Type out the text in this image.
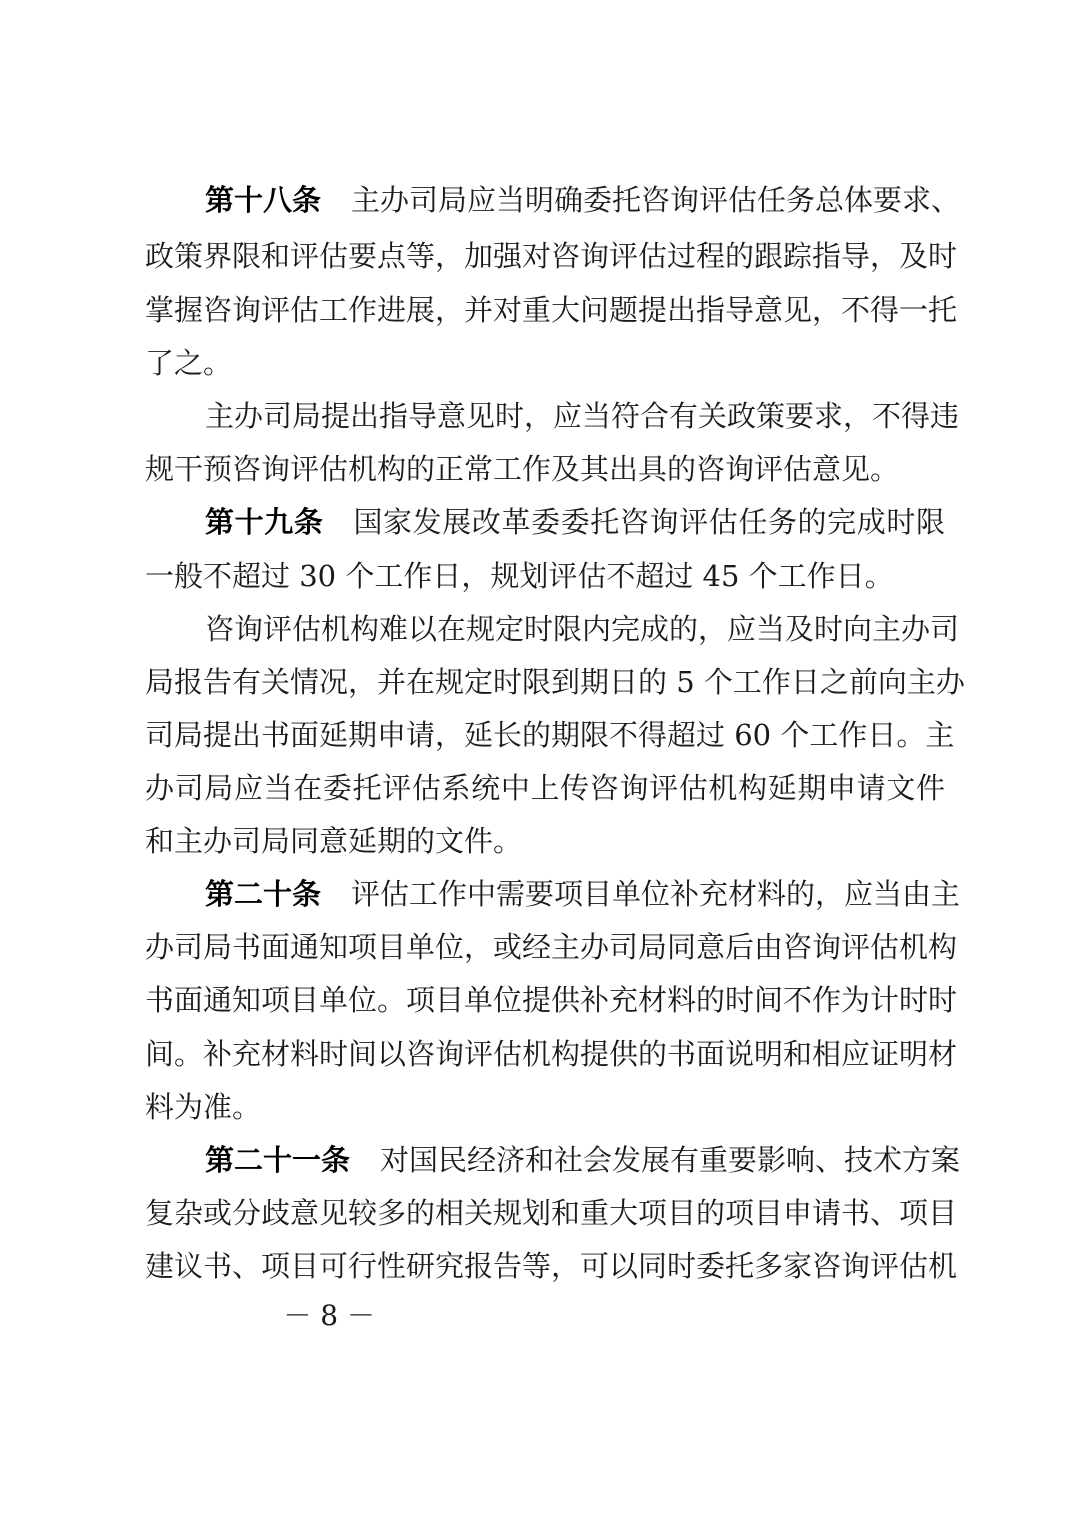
第十八条 主办司局应当明确委托咨询评估任务总体要求、
政策界限和评估要点等，加强对咨询评估过程的跟踪指导，及时
掌握咨询评估工作进展，并对重大问题提出指导意见，不得一托
了之。
主办司局提出指导意见时，应当符合有关政策要求，不得违
规干预咨询评估机构的正常工作及其出具的咨询评估意见。
第十九条 国家发展改革委委托咨询评估任务的完成时限
一般不超过 30 个工作日，规划评估不超过 45 个工作日。
咨询评估机构难以在规定时限内完成的，应当及时向主办司
局报告有关情况，并在规定时限到期日的 5 个工作日之前向主办
司局提出书面延期申请，延长的期限不得超过 60 个工作日。主
办司局应当在委托评估系统中上传咨询评估机构延期申请文件
和主办司局同意延期的文件。
第二十条 评估工作中需要项目单位补充材料的，应当由主
办司局书面通知项目单位，或经主办司局同意后由咨询评估机构
书面通知项目单位。项目单位提供补充材料的时间不作为计时时
间。补充材料时间以咨询评估机构提供的书面说明和相应证明材
料为准。
第二十一条 对国民经济和社会发展有重要影响、技术方案
复杂或分歧意见较多的相关规划和重大项目的项目申请书、项目
建议书、项目可行性研究报告等，可以同时委托多家咨询评估机
－ 8 －
